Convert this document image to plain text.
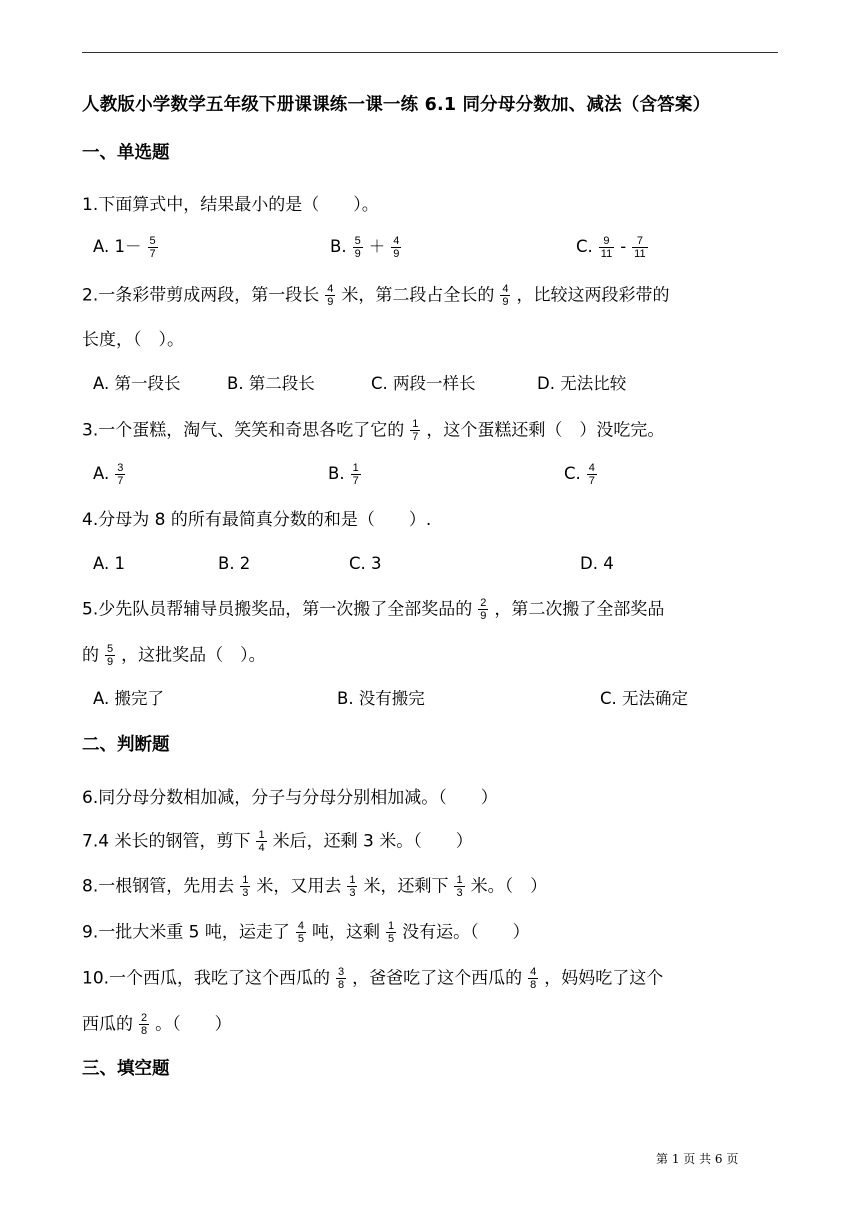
人教版小学数学五年级下册课课练一课一练 6.1 同分母分数加、减法（含答案）
一、单选题
1.下面算式中，结果最小的是（　　）。
A. $1- \frac{5}{7}$	B. $\frac{5}{9} + \frac{4}{9}$	C. $\frac{9}{11} - \frac{7}{11}$
2.一条彩带剪成两段，第一段长 $\frac{4}{9}$ 米，第二段占全长的 $\frac{4}{9}$ ，比较这两段彩带的
长度，（　）。
A. 第一段长	B. 第二段长	C. 两段一样长	D. 无法比较
3.一个蛋糕，淘气、笑笑和奇思各吃了它的 $\frac{1}{7}$ ，这个蛋糕还剩（　）没吃完。
A. $\frac{3}{7}$	B. $\frac{1}{7}$	C. $\frac{4}{7}$
4.分母为 8 的所有最简真分数的和是（　　）.
A. 1	B. 2	C. 3	D. 4
5.少先队员帮辅导员搬奖品，第一次搬了全部奖品的 $\frac{2}{9}$ ，第二次搬了全部奖品
的 $\frac{5}{9}$ ，这批奖品（　）。
A. 搬完了	B. 没有搬完	C. 无法确定
二、判断题
6.同分母分数相加减，分子与分母分别相加减。（　　）
7.4 米长的钢管，剪下 $\frac{1}{4}$ 米后，还剩 3 米。（　　）
8.一根钢管，先用去 $\frac{1}{3}$ 米，又用去 $\frac{1}{3}$ 米，还剩下 $\frac{1}{3}$ 米。（　）
9.一批大米重 5 吨，运走了 $\frac{4}{5}$ 吨，这剩 $\frac{1}{5}$ 没有运。（　　）
10.一个西瓜，我吃了这个西瓜的 $\frac{3}{8}$ ，爸爸吃了这个西瓜的 $\frac{4}{8}$ ，妈妈吃了这个
西瓜的 $\frac{2}{8}$ 。（　　）
三、填空题
第 1 页 共 6 页
